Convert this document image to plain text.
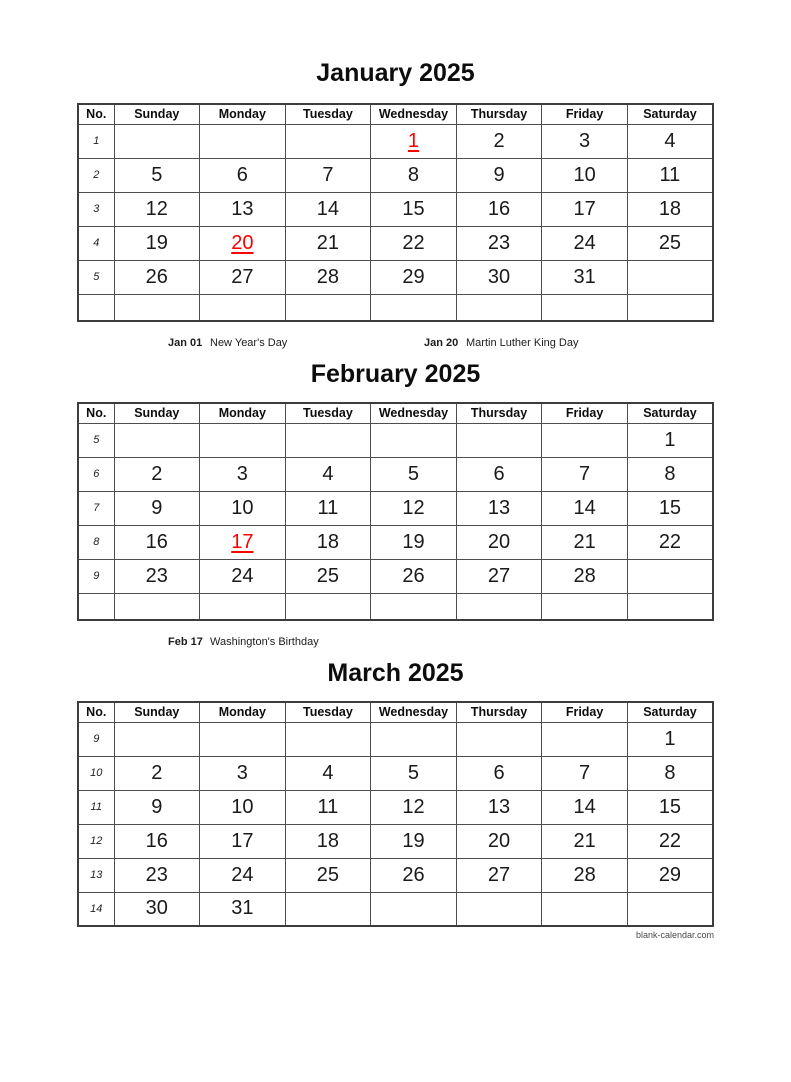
January 2025
No.	Sunday	Monday	Tuesday	Wednesday	Thursday	Friday	Saturday
1				1	2	3	4
2	5	6	7	8	9	10	11
3	12	13	14	15	16	17	18
4	19	20	21	22	23	24	25
5	26	27	28	29	30	31	

Jan 01 New Year's Day	Jan 20 Martin Luther King Day
February 2025
No.	Sunday	Monday	Tuesday	Wednesday	Thursday	Friday	Saturday
5							1
6	2	3	4	5	6	7	8
7	9	10	11	12	13	14	15
8	16	17	18	19	20	21	22
9	23	24	25	26	27	28	

Feb 17 Washington's Birthday
March 2025
No.	Sunday	Monday	Tuesday	Wednesday	Thursday	Friday	Saturday
9							1
10	2	3	4	5	6	7	8
11	9	10	11	12	13	14	15
12	16	17	18	19	20	21	22
13	23	24	25	26	27	28	29
14	30	31					
blank-calendar.com
